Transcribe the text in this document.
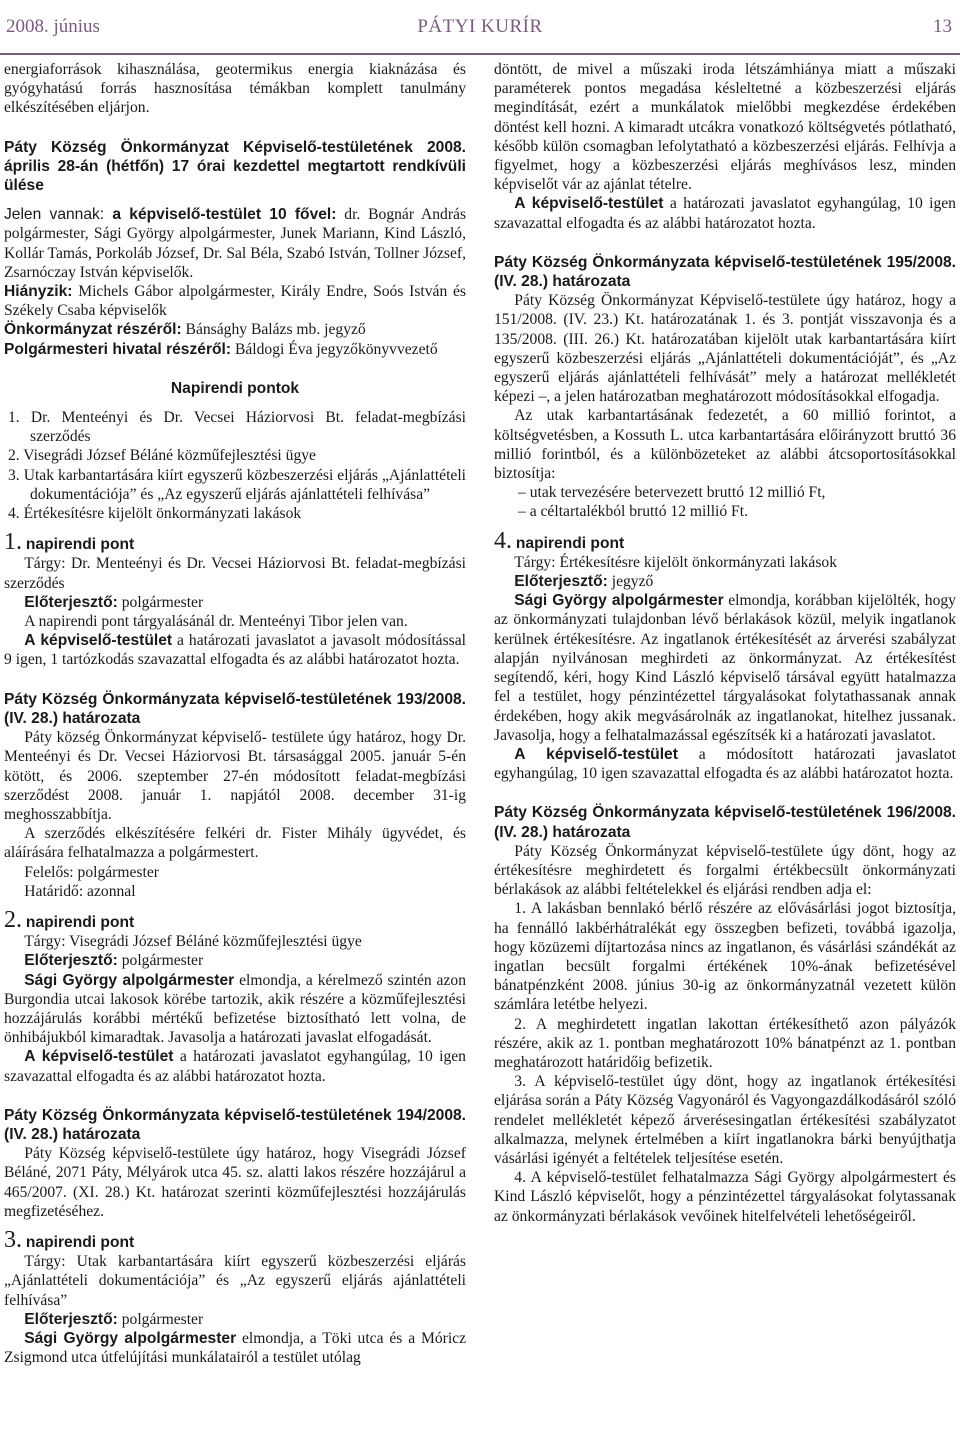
2008. június	PÁTYI KURÍR	13

energiaforrások kihasználása, geotermikus energia kiaknázása és gyógyhatású forrás hasznosítása témákban komplett tanulmány elkészítésében eljárjon.

Páty Község Önkormányzat Képviselő-testületének 2008. április 28-án (hétfőn) 17 órai kezdettel megtartott rendkívüli ülése

Jelen vannak: a képviselő-testület 10 fővel: dr. Bognár András polgármester, Sági György alpolgármester, Junek Mariann, Kind László, Kollár Tamás, Porkoláb József, Dr. Sal Béla, Szabó István, Tollner József, Zsarnóczay István képviselők.

Hiányzik: Michels Gábor alpolgármester, Király Endre, Soós István és Székely Csaba képviselők

Önkormányzat részéről: Bánsághy Balázs mb. jegyző

Polgármesteri hivatal részéről: Báldogi Éva jegyzőkönyvvezető

Napirendi pontok

1. Dr. Menteényi és Dr. Vecsei Háziorvosi Bt. feladat-megbízási szerződés

2. Visegrádi József Béláné közműfejlesztési ügye

3. Utak karbantartására kiírt egyszerű közbeszerzési eljárás „Ajánlattételi dokumentációja” és „Az egyszerű eljárás ajánlattételi felhívása”

4. Értékesítésre kijelölt önkormányzati lakások

1. napirendi pont

Tárgy: Dr. Menteényi és Dr. Vecsei Háziorvosi Bt. feladat-megbízási szerződés

Előterjesztő: polgármester

A napirendi pont tárgyalásánál dr. Menteényi Tibor jelen van.

A képviselő-testület a határozati javaslatot a javasolt módosítással 9 igen, 1 tartózkodás szavazattal elfogadta és az alábbi határozatot hozta.

Páty Község Önkormányzata képviselő-testületének 193/2008. (IV. 28.) határozata

Páty község Önkormányzat képviselő- testülete úgy határoz, hogy Dr. Menteényi és Dr. Vecsei Háziorvosi Bt. társasággal 2005. január 5-én kötött, és 2006. szeptember 27-én módosított feladat-megbízási szerződést 2008. január 1. napjától 2008. december 31-ig meghosszabbítja.

A szerződés elkészítésére felkéri dr. Fister Mihály ügyvédet, és aláírására felhatalmazza a polgármestert.

Felelős: polgármester

Határidő: azonnal

2. napirendi pont

Tárgy: Visegrádi József Béláné közműfejlesztési ügye

Előterjesztő: polgármester

Sági György alpolgármester elmondja, a kérelmező szintén azon Burgondia utcai lakosok körébe tartozik, akik részére a közműfejlesztési hozzájárulás korábbi mértékű befizetése biztosítható lett volna, de önhibájukból kimaradtak. Javasolja a határozati javaslat elfogadását.

A képviselő-testület a határozati javaslatot egyhangúlag, 10 igen szavazattal elfogadta és az alábbi határozatot hozta.

Páty Község Önkormányzata képviselő-testületének 194/2008. (IV. 28.) határozata

Páty Község képviselő-testülete úgy határoz, hogy Visegrádi József Béláné, 2071 Páty, Mélyárok utca 45. sz. alatti lakos részére hozzájárul a 465/2007. (XI. 28.) Kt. határozat szerinti közműfejlesztési hozzájárulás megfizetéséhez.

3. napirendi pont

Tárgy: Utak karbantartására kiírt egyszerű közbeszerzési eljárás „Ajánlattételi dokumentációja” és „Az egyszerű eljárás ajánlattételi felhívása”

Előterjesztő: polgármester

Sági György alpolgármester elmondja, a Töki utca és a Móricz Zsigmond utca útfelújítási munkálatairól a testület utólag

döntött, de mivel a műszaki iroda létszámhiánya miatt a műszaki paraméterek pontos megadása késleltetné a közbeszerzési eljárás megindítását, ezért a munkálatok mielőbbi megkezdése érdekében döntést kell hozni. A kimaradt utcákra vonatkozó költségvetés pótlatható, később külön csomagban lefolytatható a közbeszerzési eljárás. Felhívja a figyelmet, hogy a közbeszerzési eljárás meghívásos lesz, minden képviselőt vár az ajánlat tételre.

A képviselő-testület a határozati javaslatot egyhangúlag, 10 igen szavazattal elfogadta és az alábbi határozatot hozta.

Páty Község Önkormányzata képviselő-testületének 195/2008. (IV. 28.) határozata

Páty Község Önkormányzat Képviselő-testülete úgy határoz, hogy a 151/2008. (IV. 23.) Kt. határozatának 1. és 3. pontját visszavonja és a 135/2008. (III. 26.) Kt. határozatában kijelölt utak karbantartására kiírt egyszerű közbeszerzési eljárás „Ajánlattételi dokumentációját”, és „Az egyszerű eljárás ajánlattételi felhívását” mely a határozat mellékletét képezi –, a jelen határozatban meghatározott módosításokkal elfogadja.

Az utak karbantartásának fedezetét, a 60 millió forintot, a költségvetésben, a Kossuth L. utca karbantartására előirányzott bruttó 36 millió forintból, és a különbözeteket az alábbi átcsoportosításokkal biztosítja:

– utak tervezésére betervezett bruttó 12 millió Ft,

– a céltartalékból bruttó 12 millió Ft.

4. napirendi pont

Tárgy: Értékesítésre kijelölt önkormányzati lakások

Előterjesztő: jegyző

Sági György alpolgármester elmondja, korábban kijelölték, hogy az önkormányzati tulajdonban lévő bérlakások közül, melyik ingatlanok kerülnek értékesítésre. Az ingatlanok értékesítését az árverési szabályzat alapján nyilvánosan meghirdeti az önkormányzat. Az értékesítést segítendő, kéri, hogy Kind László képviselő társával együtt hatalmazza fel a testület, hogy pénzintézettel tárgyalásokat folytathassanak annak érdekében, hogy akik megvásárolnák az ingatlanokat, hitelhez jussanak. Javasolja, hogy a felhatalmazással egészítsék ki a határozati javaslatot.

A képviselő-testület a módosított határozati javaslatot egyhangúlag, 10 igen szavazattal elfogadta és az alábbi határozatot hozta.

Páty Község Önkormányzata képviselő-testületének 196/2008. (IV. 28.) határozata

Páty Község Önkormányzat képviselő-testülete úgy dönt, hogy az értékesítésre meghirdetett és forgalmi értékbecsült önkormányzati bérlakások az alábbi feltételekkel és eljárási rendben adja el:

1. A lakásban bennlakó bérlő részére az elővásárlási jogot biztosítja, ha fennálló lakbérhátralékát egy összegben befizeti, továbbá igazolja, hogy közüzemi díjtartozása nincs az ingatlanon, és vásárlási szándékát az ingatlan becsült forgalmi értékének 10%-ának befizetésével bánatpénzként 2008. június 30-ig az önkormányzatnál vezetett külön számlára letétbe helyezi.

2. A meghirdetett ingatlan lakottan értékesíthető azon pályázók részére, akik az 1. pontban meghatározott 10% bánatpénzt az 1. pontban meghatározott határidőig befizetik.

3. A képviselő-testület úgy dönt, hogy az ingatlanok értékesítési eljárása során a Páty Község Vagyonáról és Vagyongazdálkodásáról szóló rendelet mellékletét képező árverésesingatlan értékesítési szabályzatot alkalmazza, melynek értelmében a kiírt ingatlanokra bárki benyújthatja vásárlási igényét a feltételek teljesítése esetén.

4. A képviselő-testület felhatalmazza Sági György alpolgármestert és Kind László képviselőt, hogy a pénzintézettel tárgyalásokat folytassanak az önkormányzati bérlakások vevőinek hitelfelvételi lehetőségeiről.
